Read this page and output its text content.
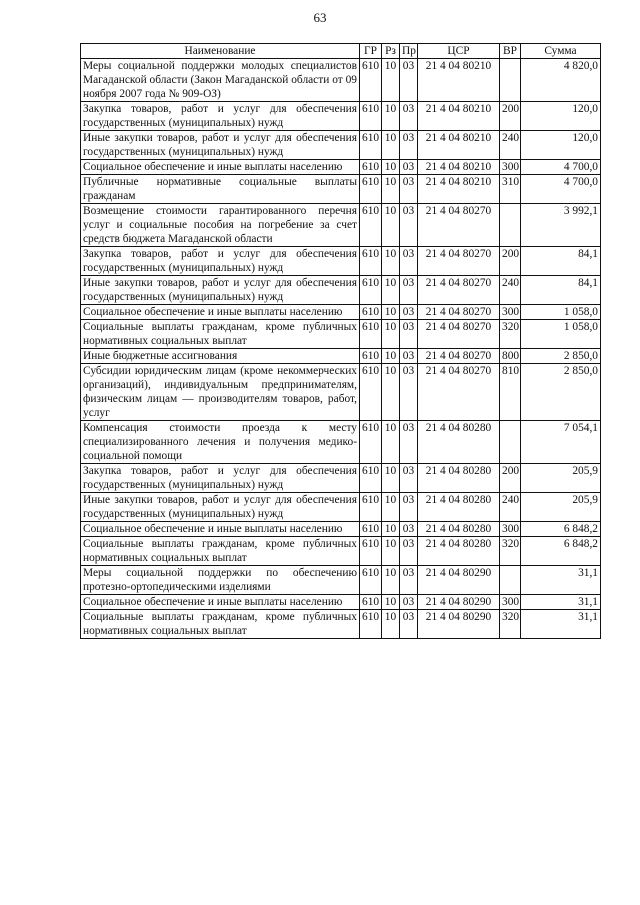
63
Наименование	ГР	Рз	Пр	ЦСР	ВР	Сумма
Меры социальной поддержки молодых специалистов Магаданской области (Закон Магаданской области от 09 ноября 2007 года № 909-ОЗ)	610	10	03	21 4 04 80210		4 820,0
Закупка товаров, работ и услуг для обеспечения государственных (муниципальных) нужд	610	10	03	21 4 04 80210	200	120,0
Иные закупки товаров, работ и услуг для обеспечения государственных (муниципальных) нужд	610	10	03	21 4 04 80210	240	120,0
Социальное обеспечение и иные выплаты населению	610	10	03	21 4 04 80210	300	4 700,0
Публичные нормативные социальные выплаты гражданам	610	10	03	21 4 04 80210	310	4 700,0
Возмещение стоимости гарантированного перечня услуг и социальные пособия на погребение за счет средств бюджета Магаданской области	610	10	03	21 4 04 80270		3 992,1
Закупка товаров, работ и услуг для обеспечения государственных (муниципальных) нужд	610	10	03	21 4 04 80270	200	84,1
Иные закупки товаров, работ и услуг для обеспечения государственных (муниципальных) нужд	610	10	03	21 4 04 80270	240	84,1
Социальное обеспечение и иные выплаты населению	610	10	03	21 4 04 80270	300	1 058,0
Социальные выплаты гражданам, кроме публичных нормативных социальных выплат	610	10	03	21 4 04 80270	320	1 058,0
Иные бюджетные ассигнования	610	10	03	21 4 04 80270	800	2 850,0
Субсидии юридическим лицам (кроме некоммерческих организаций), индивидуальным предпринимателям, физическим лицам — производителям товаров, работ, услуг	610	10	03	21 4 04 80270	810	2 850,0
Компенсация стоимости проезда к месту специализированного лечения и получения медико-социальной помощи	610	10	03	21 4 04 80280		7 054,1
Закупка товаров, работ и услуг для обеспечения государственных (муниципальных) нужд	610	10	03	21 4 04 80280	200	205,9
Иные закупки товаров, работ и услуг для обеспечения государственных (муниципальных) нужд	610	10	03	21 4 04 80280	240	205,9
Социальное обеспечение и иные выплаты населению	610	10	03	21 4 04 80280	300	6 848,2
Социальные выплаты гражданам, кроме публичных нормативных социальных выплат	610	10	03	21 4 04 80280	320	6 848,2
Меры социальной поддержки по обеспечению протезно-ортопедическими изделиями	610	10	03	21 4 04 80290		31,1
Социальное обеспечение и иные выплаты населению	610	10	03	21 4 04 80290	300	31,1
Социальные выплаты гражданам, кроме публичных нормативных социальных выплат	610	10	03	21 4 04 80290	320	31,1
